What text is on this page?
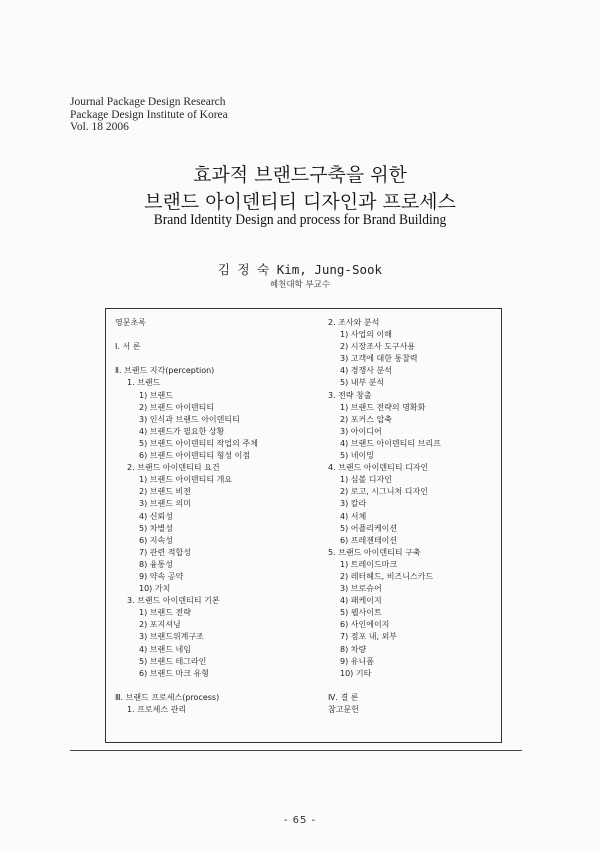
Journal Package Design Research
Package Design Institute of Korea
Vol. 18 2006
효과적 브랜드구축을 위한
브랜드 아이덴티티 디자인과 프로세스
Brand Identity Design and process for Brand Building
김 정 숙 Kim, Jung-Sook
혜천대학 부교수
영문초록
Ⅰ. 서 론
Ⅱ. 브랜드 지각(perception)
1. 브랜드
1) 브랜드
2) 브랜드 아이덴티티
3) 인식과 브랜드 아이덴티티
4) 브랜드가 필요한 상황
5) 브랜드 아이덴티티 작업의 주체
6) 브랜드 아이덴티티 형성 이점
2. 브랜드 아이덴티티 요건
1) 브랜드 아이덴티티 개요
2) 브랜드 비젼
3) 브랜드 의미
4) 신뢰성
5) 차별성
6) 지속성
7) 관련 적합성
8) 융통성
9) 약속 공약
10) 가치
3. 브랜드 아이덴티티 기본
1) 브랜드 전략
2) 포지셔닝
3) 브랜드위계구조
4) 브랜드 네임
5) 브랜드 테그라인
6) 브랜드 마크 유형
Ⅲ. 브랜드 프로세스(process)
1. 프로세스 관리
2. 조사와 분석
1) 사업의 이해
2) 시장조사 도구사용
3) 고객에 대한 통찰력
4) 경쟁사 분석
5) 내부 분석
3. 전략 창출
1) 브랜드 전략의 명확화
2) 포커스 압축
3) 아이디어
4) 브랜드 아이덴티티 브리프
5) 네이밍
4. 브랜드 아이덴티티 디자인
1) 심볼 디자인
2) 로고, 시그니처 디자인
3) 칼라
4) 서체
5) 어플리케이션
6) 프레젠테이션
5. 브랜드 아이덴티티 구축
1) 트레이드마크
2) 레터헤드, 비즈니스카드
3) 브로슈어
4) 패케이지
5) 웹사이트
6) 사인에이지
7) 점포 내, 외부
8) 차량
9) 유니폼
10) 기타
Ⅳ. 결 론
참고문헌
- 65 -
